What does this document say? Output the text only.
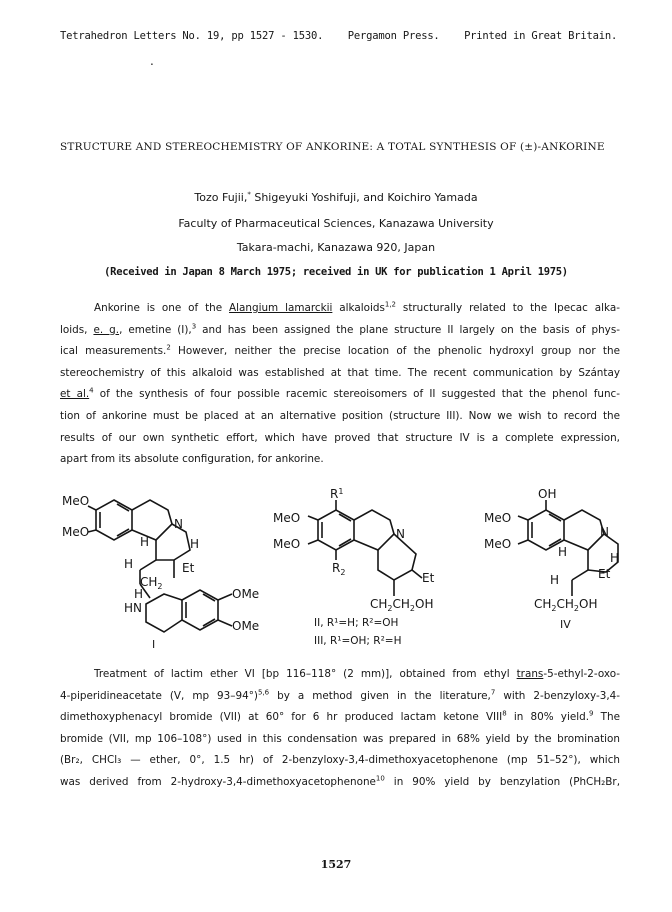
Tetrahedron Letters No. 19, pp 1527 - 1530. Pergamon Press. Printed in Great Britain.
.
STRUCTURE AND STEREOCHEMISTRY OF ANKORINE: A TOTAL SYNTHESIS OF (±)-ANKORINE
Tozo Fujii,* Shigeyuki Yoshifuji, and Koichiro Yamada
Faculty of Pharmaceutical Sciences, Kanazawa University
Takara-machi, Kanazawa 920, Japan
(Received in Japan 8 March 1975; received in UK for publication 1 April 1975)
Ankorine is one of the Alangium lamarckii alkaloids$^{1,2}$ structurally related to the Ipecac alka-
loids, e. g., emetine (I),$^3$ and has been assigned the plane structure II largely on the basis of phys-
ical measurements.$^2$ However, neither the precise location of the phenolic hydroxyl group nor the
stereochemistry of this alkaloid was established at that time. The recent communication by Szántay
et al.$^4$ of the synthesis of four possible racemic stereoisomers of II suggested that the phenol func-
tion of ankorine must be placed at an alternative position (structure III). Now we wish to record the
results of our own synthetic effort, which have proved that structure IV is a complete expression,
apart from its absolute configuration, for ankorine.
MeO
MeO
H
N
H
H	Et
$CH_2$
H
HN
OMe
OMe
I
$R^1$
MeO
MeO
N
$R_2$	Et
$CH_2CH_2OH$
II, R¹=H; R²=OH
III, R¹=OH; R²=H
OH
MeO
MeO
N
H	H
H	Et
$CH_2CH_2OH$
IV
Treatment of lactim ether VI [bp 116–118° (2 mm)], obtained from ethyl trans-5-ethyl-2-oxo-
4-piperidineacetate (V, mp 93–94°)$^{5,6}$ by a method given in the literature,$^7$ with 2-benzyloxy-3,4-
dimethoxyphenacyl bromide (VII) at 60° for 6 hr produced lactam ketone VIII$^8$ in 80% yield.$^9$ The
bromide (VII, mp 106–108°) used in this condensation was prepared in 68% yield by the bromination
(Br₂, CHCl₃ — ether, 0°, 1.5 hr) of 2-benzyloxy-3,4-dimethoxyacetophenone (mp 51–52°), which
was derived from 2-hydroxy-3,4-dimethoxyacetophenone$^{10}$ in 90% yield by benzylation (PhCH₂Br,
1527
